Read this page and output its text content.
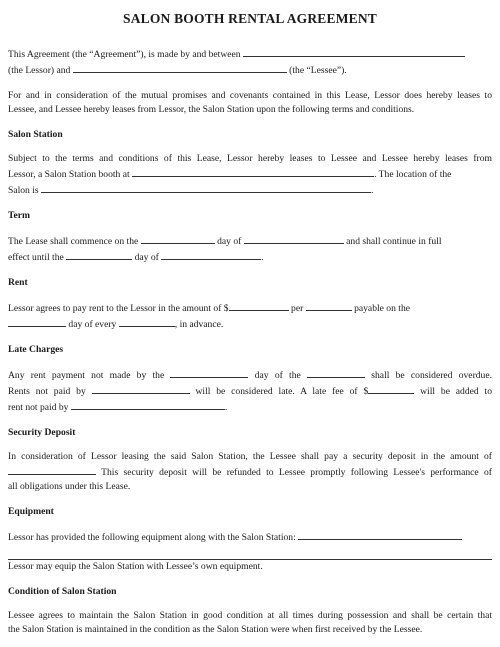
SALON BOOTH RENTAL AGREEMENT

This Agreement (the “Agreement”), is made by and between

(the Lessor) and	(the “Lessee”).

For and in consideration of the mutual promises and covenants contained in this Lease, Lessor does hereby leases to

Lessee, and Lessee hereby leases from Lessor, the Salon Station upon the following terms and conditions.

Salon Station

Subject to the terms and conditions of this Lease, Lessor hereby leases to Lessee and Lessee hereby leases from

Lessor, a Salon Station booth at	. The location of the

Salon is	.

Term

The Lease shall commence on the	day of	and shall continue in full

effect until the	day of	.

Rent

Lessor agrees to pay rent to the Lessor in the amount of $	per	payable on the

day of every	, in advance.

Late Charges

Any rent payment not made by the	day of the	shall be considered overdue.

Rents not paid by	will be considered late. A late fee of $	will be added to

rent not paid by	.

Security Deposit

In consideration of Lessor leasing the said Salon Station, the Lessee shall pay a security deposit in the amount of

This security deposit will be refunded to Lessee promptly following Lessee's performance of

all obligations under this Lease.

Equipment

Lessor has provided the following equipment along with the Salon Station:

Lessor may equip the Salon Station with Lessee’s own equipment.

Condition of Salon Station

Lessee agrees to maintain the Salon Station in good condition at all times during possession and shall be certain that

the Salon Station is maintained in the condition as the Salon Station were when first received by the Lessee.
